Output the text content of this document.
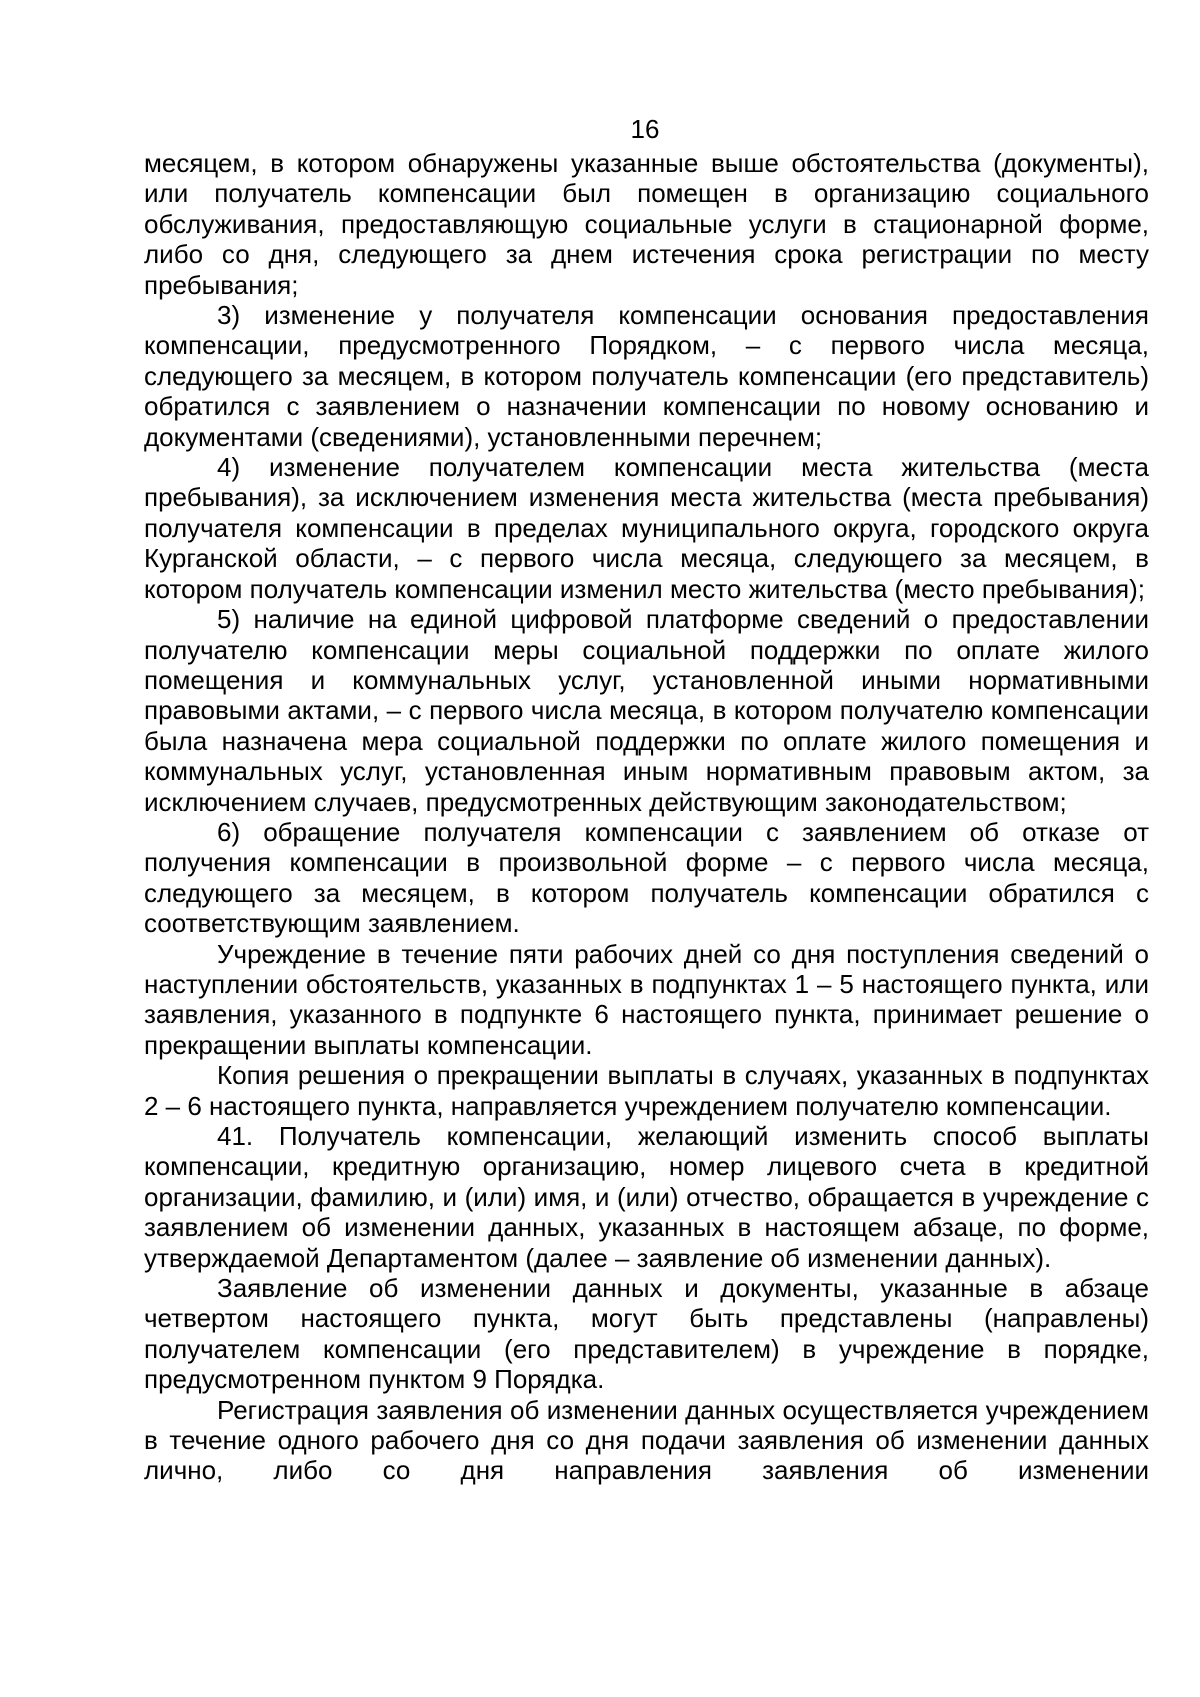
16

месяцем, в котором обнаружены указанные выше обстоятельства (документы), или получатель компенсации был помещен в организацию социального обслуживания, предоставляющую социальные услуги в стационарной форме, либо со дня, следующего за днем истечения срока регистрации по месту пребывания;

3) изменение у получателя компенсации основания предоставления компенсации, предусмотренного Порядком, – с первого числа месяца, следующего за месяцем, в котором получатель компенсации (его представитель) обратился с заявлением о назначении компенсации по новому основанию и документами (сведениями), установленными перечнем;

4) изменение получателем компенсации места жительства (места пребывания), за исключением изменения места жительства (места пребывания) получателя компенсации в пределах муниципального округа, городского округа Курганской области, – с первого числа месяца, следующего за месяцем, в котором получатель компенсации изменил место жительства (место пребывания);

5) наличие на единой цифровой платформе сведений о предоставлении получателю компенсации меры социальной поддержки по оплате жилого помещения и коммунальных услуг, установленной иными нормативными правовыми актами, – с первого числа месяца, в котором получателю компенсации была назначена мера социальной поддержки по оплате жилого помещения и коммунальных услуг, установленная иным нормативным правовым актом, за исключением случаев, предусмотренных действующим законодательством;

6) обращение получателя компенсации с заявлением об отказе от получения компенсации в произвольной форме – с первого числа месяца, следующего за месяцем, в котором получатель компенсации обратился с соответствующим заявлением.

Учреждение в течение пяти рабочих дней со дня поступления сведений о наступлении обстоятельств, указанных в подпунктах 1 – 5 настоящего пункта, или заявления, указанного в подпункте 6 настоящего пункта, принимает решение о прекращении выплаты компенсации.

Копия решения о прекращении выплаты в случаях, указанных в подпунктах 2 – 6 настоящего пункта, направляется учреждением получателю компенсации.

41. Получатель компенсации, желающий изменить способ выплаты компенсации, кредитную организацию, номер лицевого счета в кредитной организации, фамилию, и (или) имя, и (или) отчество, обращается в учреждение с заявлением об изменении данных, указанных в настоящем абзаце, по форме, утверждаемой Департаментом (далее – заявление об изменении данных).

Заявление об изменении данных и документы, указанные в абзаце четвертом настоящего пункта, могут быть представлены (направлены) получателем компенсации (его представителем) в учреждение в порядке, предусмотренном пунктом 9 Порядка.

Регистрация заявления об изменении данных осуществляется учреждением в течение одного рабочего дня со дня подачи заявления об изменении данных лично, либо со дня направления заявления об изменении
